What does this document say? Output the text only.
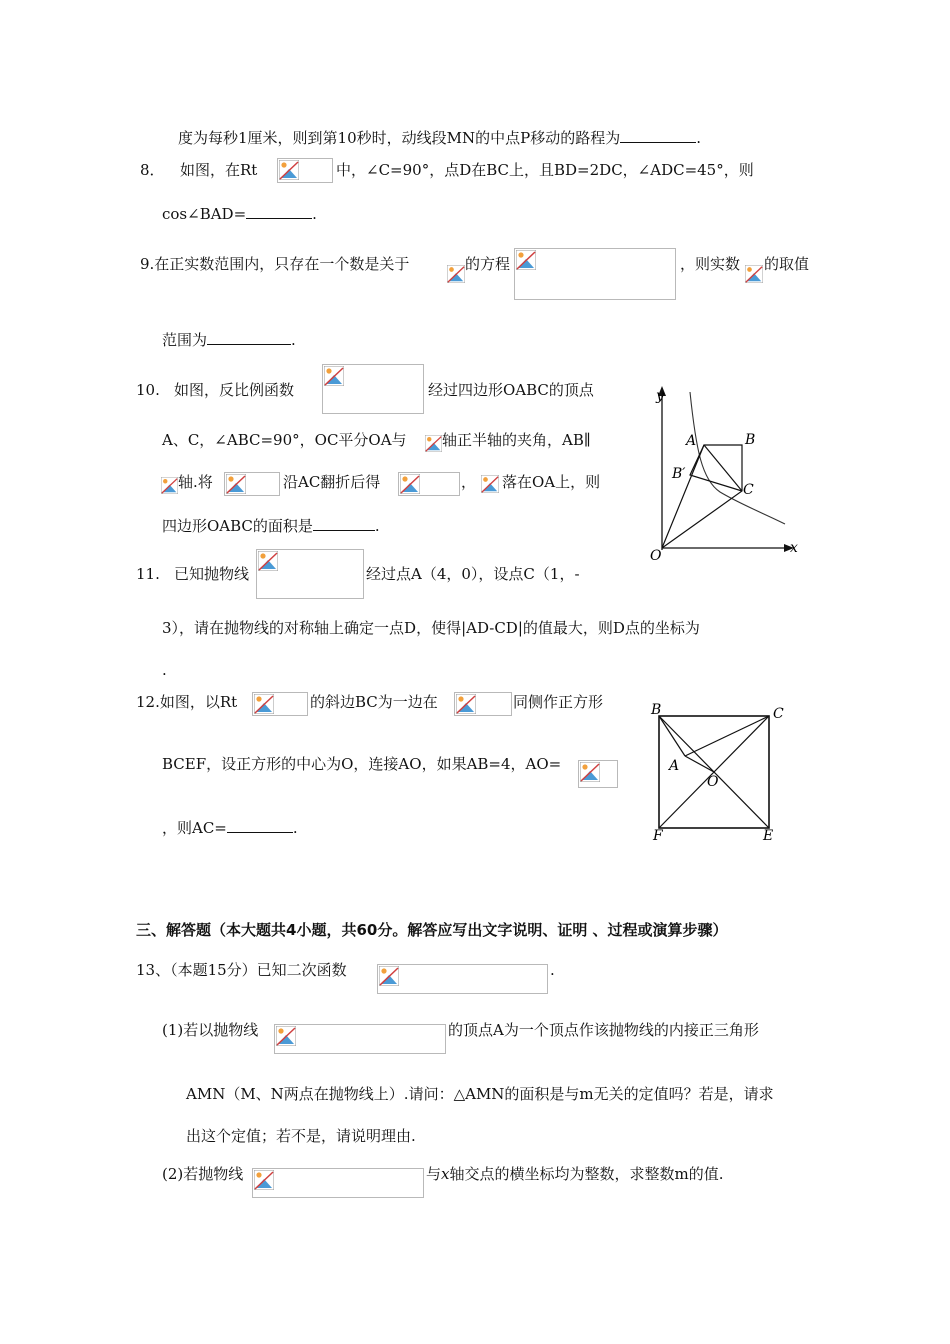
度为每秒1厘米，则到第10秒时，动线段MN的中点P移动的路程为	.
8． 如图，在Rt	中，∠C=90°，点D在BC上，且BD=2DC，∠ADC=45°，则
cos∠BAD=	.
9.在正实数范围内，只存在一个数是关于	的方程	，则实数 的取值
范围为	.
10. 如图，反比例函数	经过四边形OABC的顶点
A、C，∠ABC=90°，OC平分OA与 轴正半轴的夹角，AB∥
轴.将	沿AC翻折后得	， 落在OA上，则
四边形OABC的面积是	.
y
x
O
A	B
B′
C
11. 已知抛物线	经过点A（4，0），设点C（1，-
3），请在抛物线的对称轴上确定一点D，使得|AD-CD|的值最大，则D点的坐标为
.
12.如图，以Rt	的斜边BC为一边在	同侧作正方形
BCEF，设正方形的中心为O，连接AO，如果AB=4，AO=
，则AC=	.
B	C
A
O
F	E
三、解答题（本大题共4小题，共60分。解答应写出文字说明、证明 、过程或演算步骤）
13、（本题15分）已知二次函数	.
(1)若以抛物线	的顶点A为一个顶点作该抛物线的内接正三角形
AMN（M、N两点在抛物线上）.请问：△AMN的面积是与m无关的定值吗？若是，请求
出这个定值；若不是，请说明理由.
(2)若抛物线	与x轴交点的横坐标均为整数，求整数m的值.
